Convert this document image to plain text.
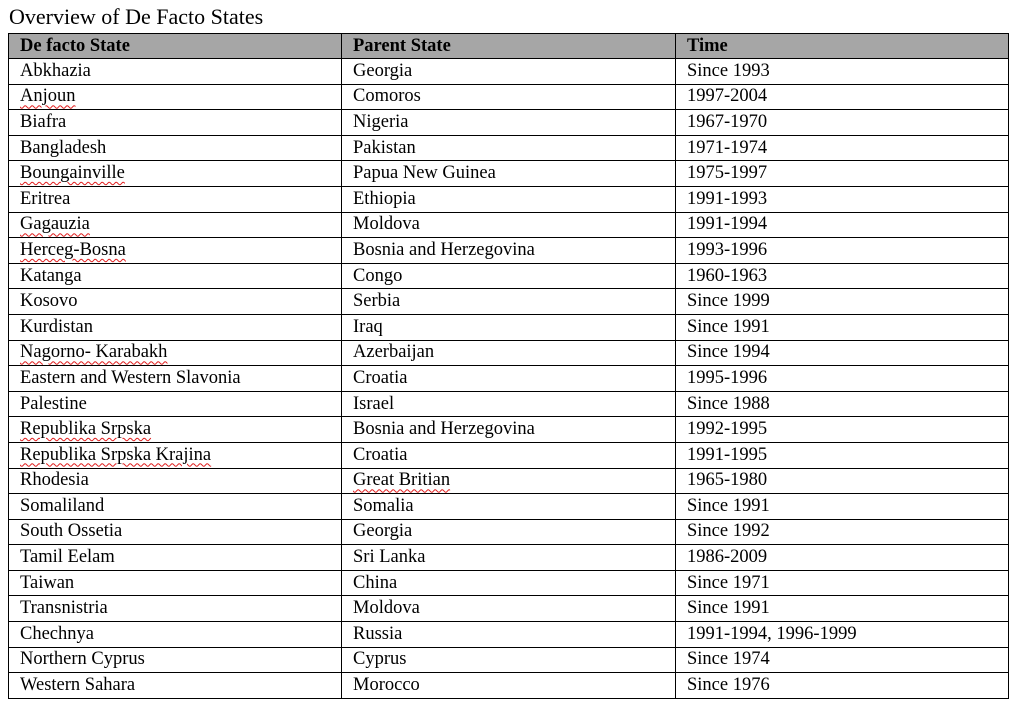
Overview of De Facto States
De facto State	Parent State	Time
Abkhazia	Georgia	Since 1993
Anjoun	Comoros	1997-2004
Biafra	Nigeria	1967-1970
Bangladesh	Pakistan	1971-1974
Boungainville	Papua New Guinea	1975-1997
Eritrea	Ethiopia	1991-1993
Gagauzia	Moldova	1991-1994
Herceg-Bosna	Bosnia and Herzegovina	1993-1996
Katanga	Congo	1960-1963
Kosovo	Serbia	Since 1999
Kurdistan	Iraq	Since 1991
Nagorno- Karabakh	Azerbaijan	Since 1994
Eastern and Western Slavonia	Croatia	1995-1996
Palestine	Israel	Since 1988
Republika Srpska	Bosnia and Herzegovina	1992-1995
Republika Srpska Krajina	Croatia	1991-1995
Rhodesia	Great Britian	1965-1980
Somaliland	Somalia	Since 1991
South Ossetia	Georgia	Since 1992
Tamil Eelam	Sri Lanka	1986-2009
Taiwan	China	Since 1971
Transnistria	Moldova	Since 1991
Chechnya	Russia	1991-1994, 1996-1999
Northern Cyprus	Cyprus	Since 1974
Western Sahara	Morocco	Since 1976
